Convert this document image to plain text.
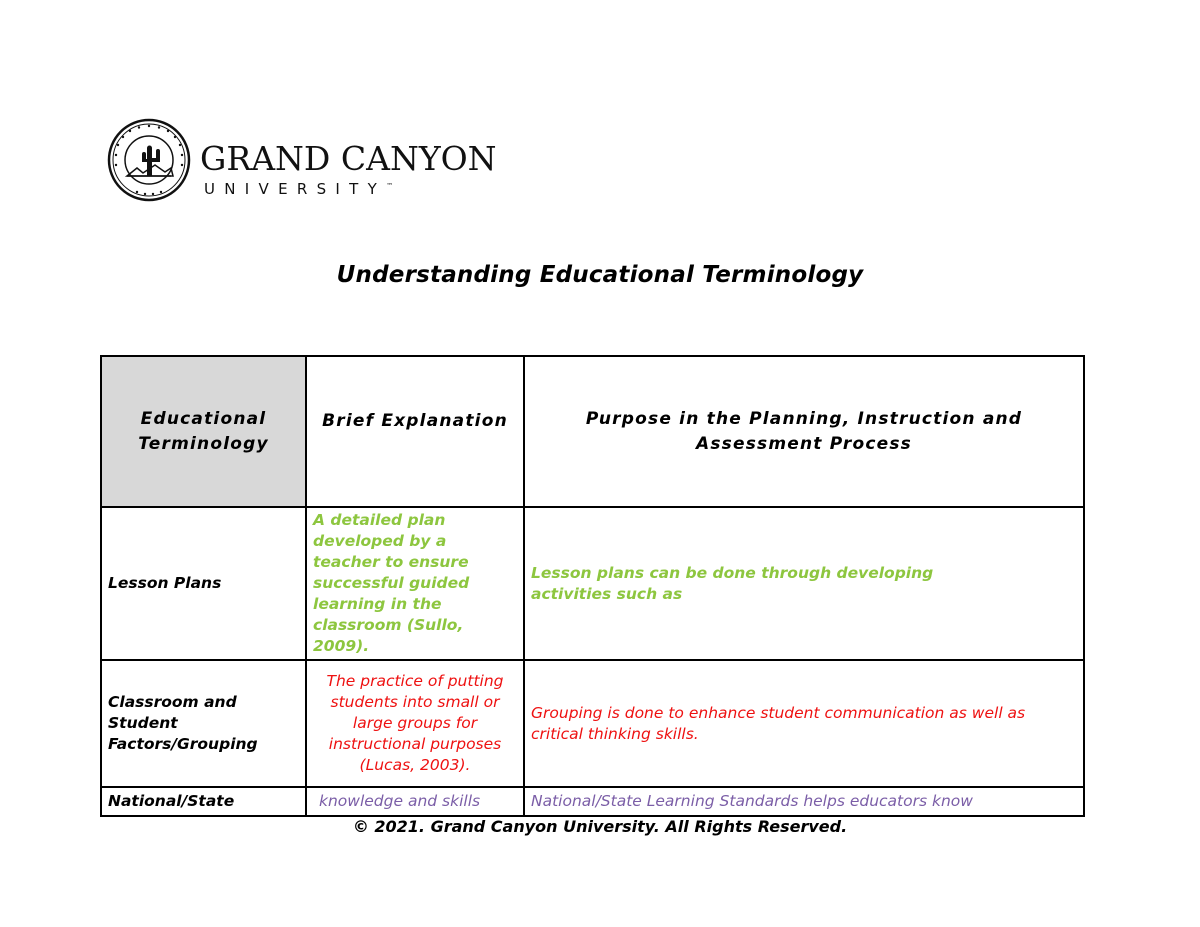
GRAND CANYON
UNIVERSITY™
Understanding Educational Terminology
Educational Terminology	Brief Explanation	Purpose in the Planning, Instruction and Assessment Process
Lesson Plans	A detailed plan developed by a teacher to ensure successful guided learning in the classroom (Sullo, 2009).	Lesson plans can be done through developing activities such as
Classroom and Student Factors/Grouping	The practice of putting students into small or large groups for instructional purposes (Lucas, 2003).	Grouping is done to enhance student communication as well as critical thinking skills.
National/State	knowledge and skills	National/State Learning Standards helps educators know
© 2021. Grand Canyon University. All Rights Reserved.
